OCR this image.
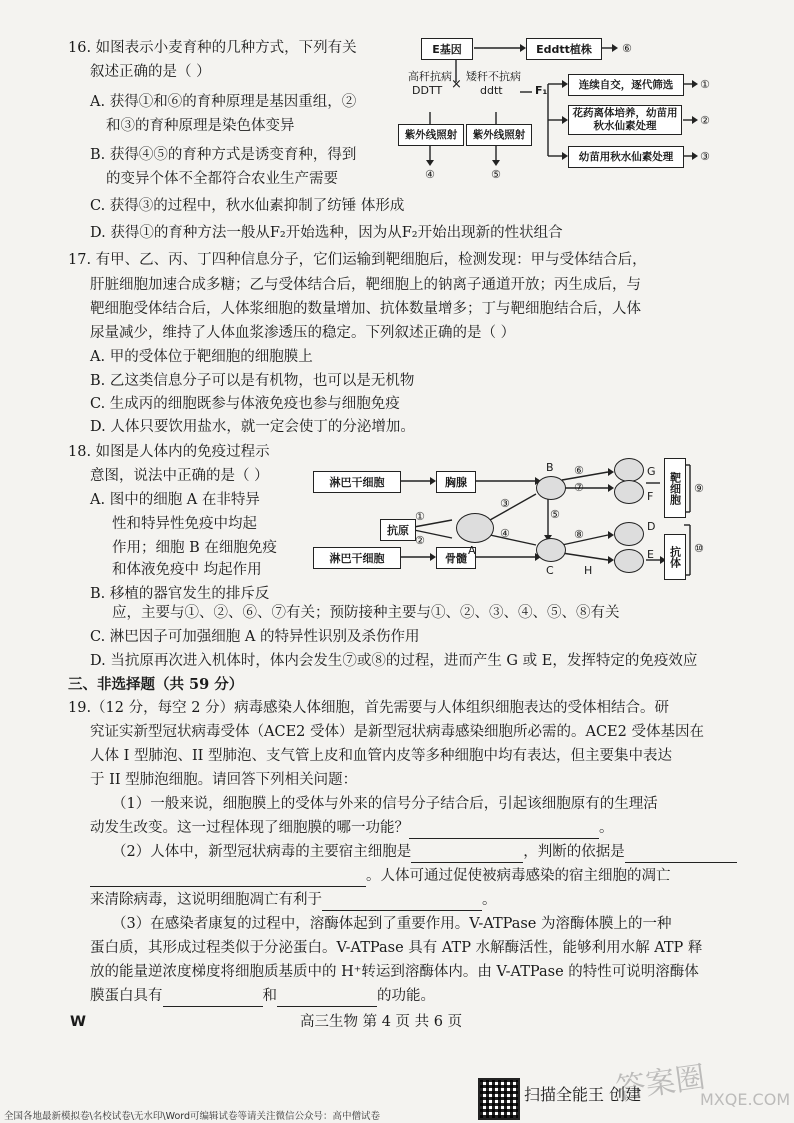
16. 如图表示小麦育种的几种方式，下列有关
叙述正确的是（ ）
A. 获得①和⑥的育种原理是基因重组，②
和③的育种原理是染色体变异
B. 获得④⑤的育种方式是诱变育种，得到
的变异个体不全都符合农业生产需要
C. 获得③的过程中，秋水仙素抑制了纺锤 体形成
D. 获得①的育种方法一般从F₂开始选种，因为从F₂开始出现新的性状组合
E基因	Eddtt植株	⑥
高秆抗病
DDTT ×
矮秆不抗病
ddtt	F₁	连续自交，逐代筛选
花药离体培养，幼苗用秋水仙素处理
幼苗用秋水仙素处理
①
②
③
紫外线照射	紫外线照射
④	⑤
17. 有甲、乙、丙、丁四种信息分子，它们运输到靶细胞后，检测发现：甲与受体结合后，
肝脏细胞加速合成多糖；乙与受体结合后，靶细胞上的钠离子通道开放；丙生成后，与
靶细胞受体结合后，人体浆细胞的数量增加、抗体数量增多；丁与靶细胞结合后，人体
尿量减少，维持了人体血浆渗透压的稳定。下列叙述正确的是（ ）
A. 甲的受体位于靶细胞的细胞膜上
B. 乙这类信息分子可以是有机物，也可以是无机物
C. 生成丙的细胞既参与体液免疫也参与细胞免疫
D. 人体只要饮用盐水，就一定会使丁的分泌增加。
18. 如图是人体内的免疫过程示
意图，说法中正确的是（ ）
A. 图中的细胞 A 在非特异
性和特异性免疫中均起
作用；细胞 B 在细胞免疫
和体液免疫中 均起作用
B. 移植的器官发生的排斥反
应，主要与①、②、⑥、⑦有关；预防接种主要与①、②、③、④、⑤、⑧有关
C. 淋巴因子可加强细胞 A 的特异性识别及杀伤作用
D. 当抗原再次进入机体时，体内会发生⑦或⑧的过程，进而产生 G 或 E，发挥特定的免疫效应
淋巴干细胞	胸腺
抗原
淋巴干细胞	骨髓
靶细胞
抗体
A
B
C
D
E
F
G
H
①
②
③
④
⑤
⑥
⑦
⑧
⑨
⑩
三、非选择题（共 59 分）
19.（12 分，每空 2 分）病毒感染人体细胞，首先需要与人体组织细胞表达的受体相结合。研
究证实新型冠状病毒受体（ACE2 受体）是新型冠状病毒感染细胞所必需的。ACE2 受体基因在
人体 I 型肺泡、II 型肺泡、支气管上皮和血管内皮等多种细胞中均有表达，但主要集中表达
于 II 型肺泡细胞。请回答下列相关问题：
（1）一般来说，细胞膜上的受体与外来的信号分子结合后，引起该细胞原有的生理活
动发生改变。这一过程体现了细胞膜的哪一功能？	。
（2）人体中，新型冠状病毒的主要宿主细胞是	，判断的依据是
。人体可通过促使被病毒感染的宿主细胞的凋亡
来清除病毒，这说明细胞凋亡有利于	。
（3）在感染者康复的过程中，溶酶体起到了重要作用。V-ATPase 为溶酶体膜上的一种
蛋白质，其形成过程类似于分泌蛋白。V-ATPase 具有 ATP 水解酶活性，能够利用水解 ATP 释
放的能量逆浓度梯度将细胞质基质中的 H⁺转运到溶酶体内。由 V-ATPase 的特性可说明溶酶体
膜蛋白具有	和	的功能。
W	高三生物 第 4 页 共 6 页
答案圈
MXQE.COM
扫描全能王 创建
全国各地最新模拟卷\名校试卷\无水印\Word可编辑试卷等请关注微信公众号：高中僧试卷
